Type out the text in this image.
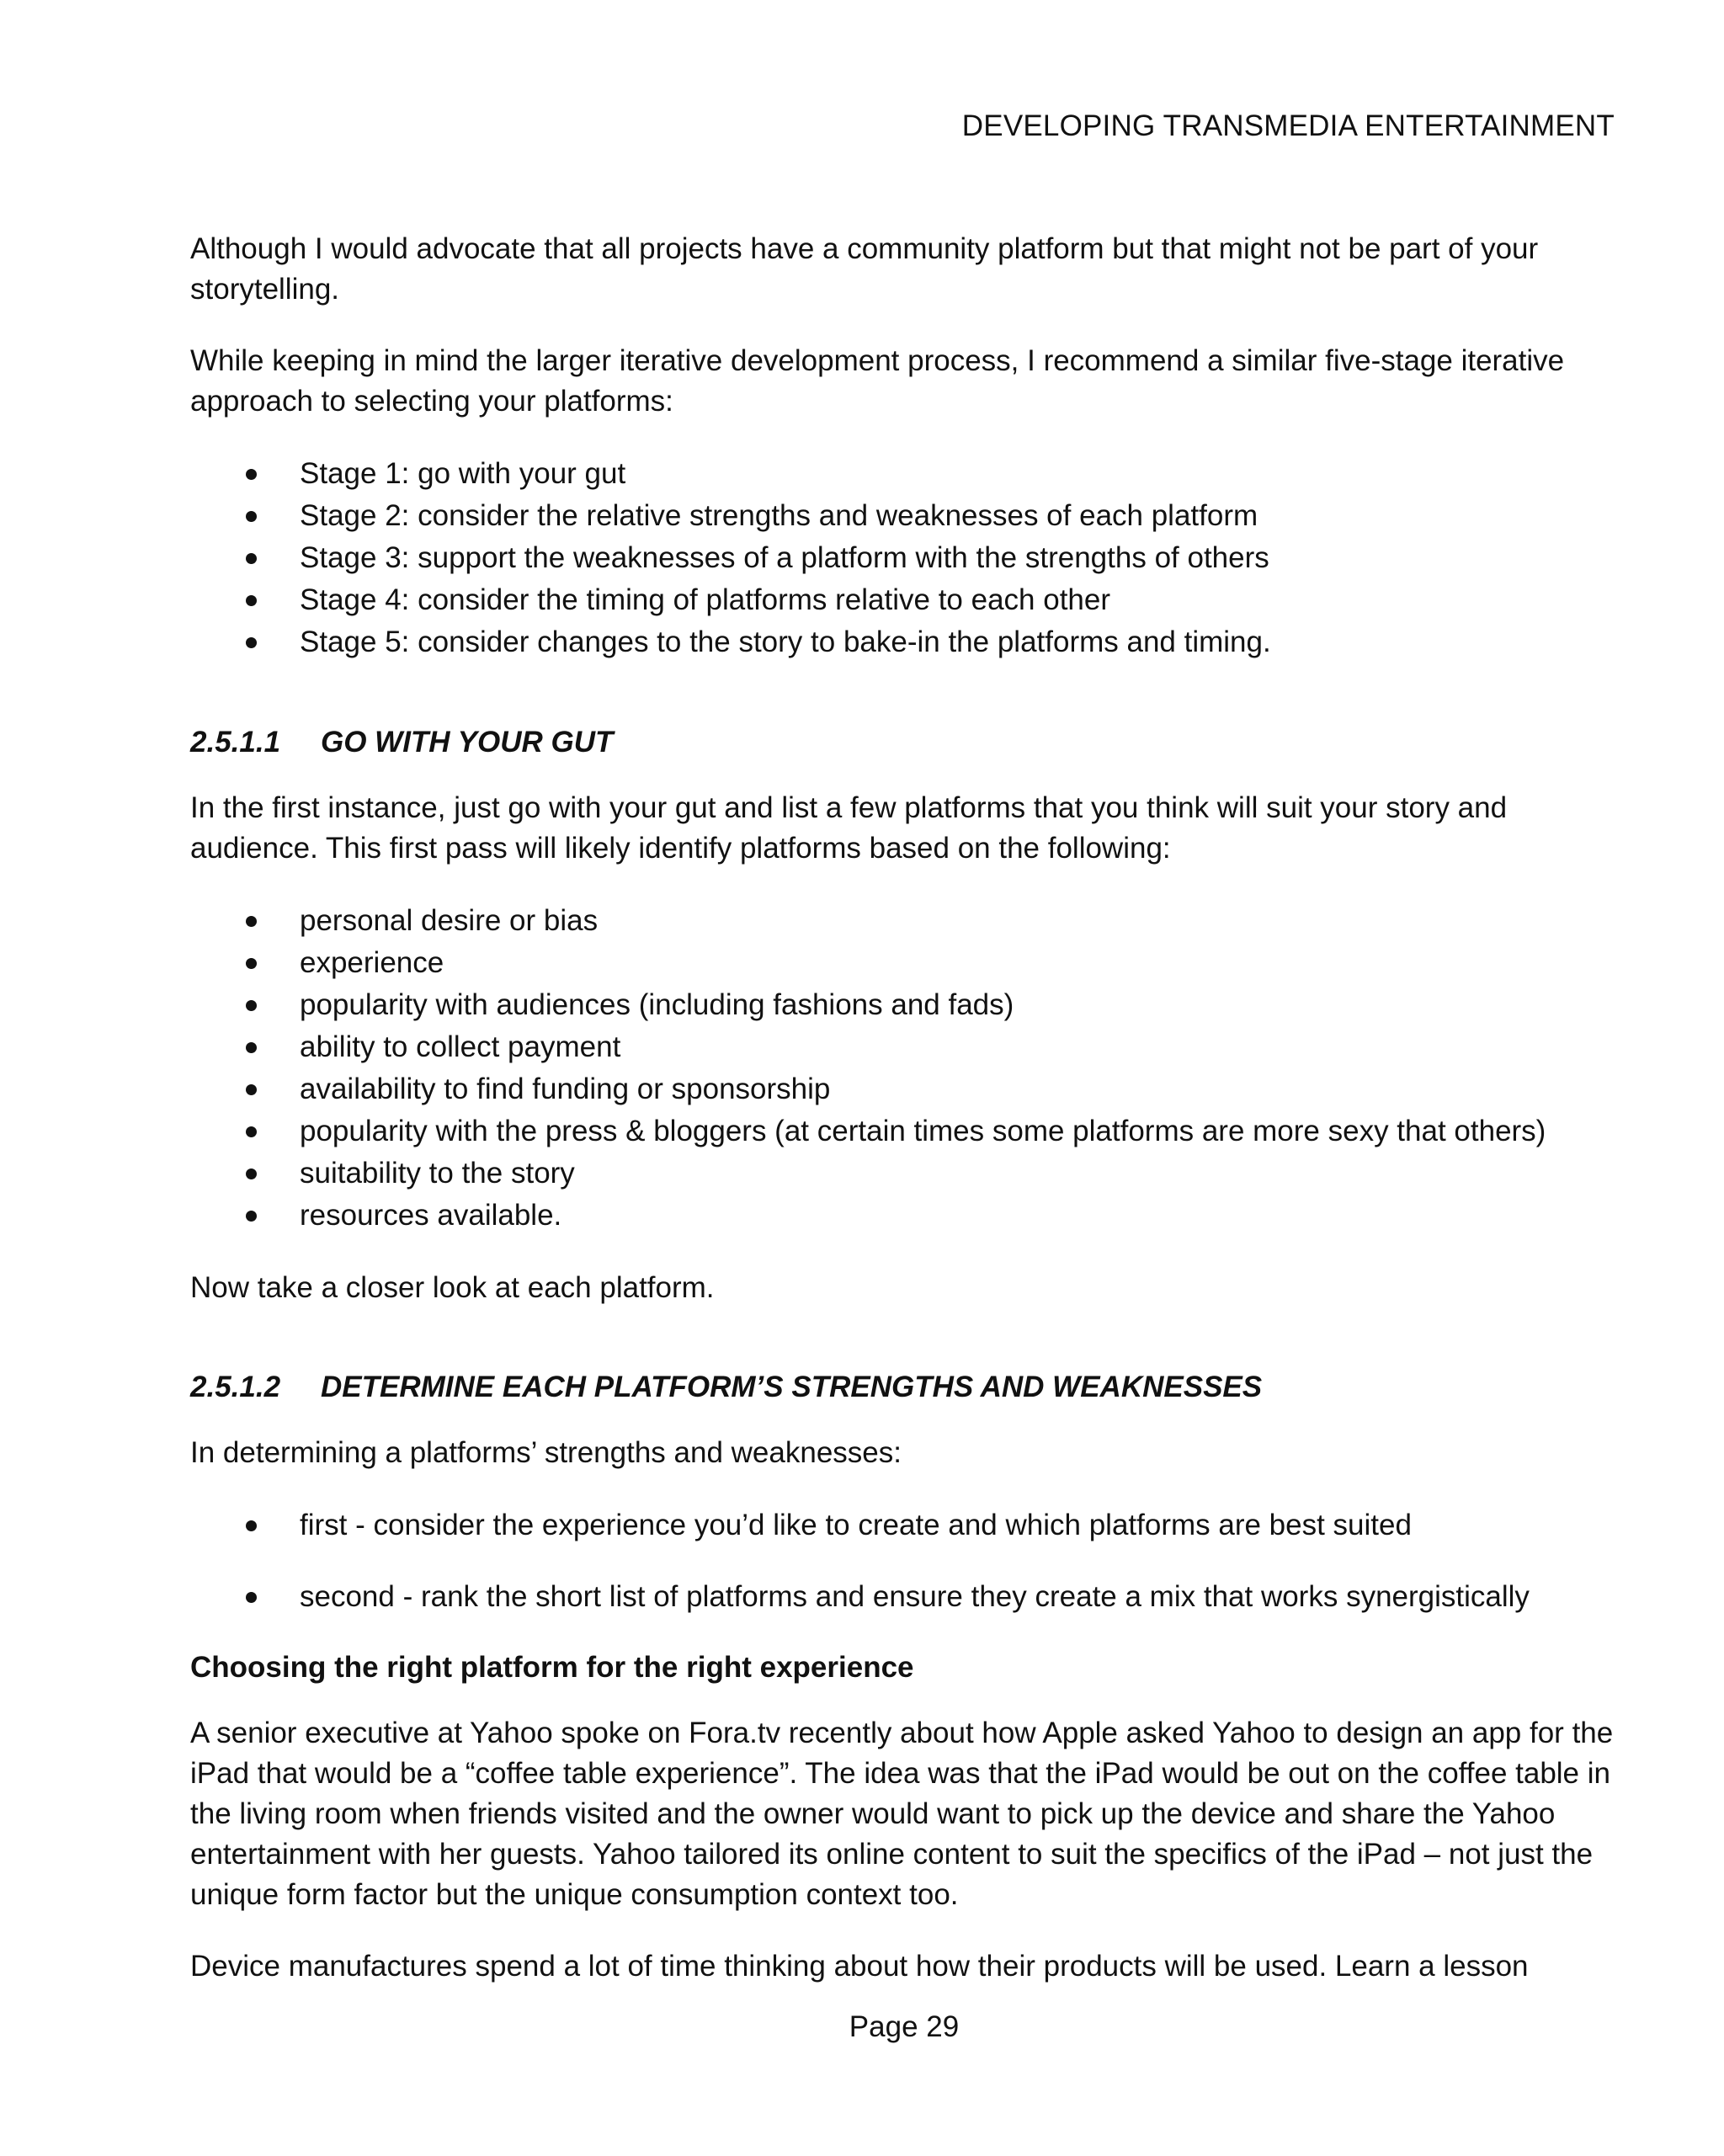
DEVELOPING TRANSMEDIA ENTERTAINMENT

Although I would advocate that all projects have a community platform but that might not be part of your storytelling.

While keeping in mind the larger iterative development process, I recommend a similar five-stage iterative approach to selecting your platforms:

Stage 1: go with your gut
Stage 2: consider the relative strengths and weaknesses of each platform
Stage 3: support the weaknesses of a platform with the strengths of others
Stage 4: consider the timing of platforms relative to each other
Stage 5: consider changes to the story to bake-in the platforms and timing.
2.5.1.1 GO WITH YOUR GUT

In the first instance, just go with your gut and list a few platforms that you think will suit your story and audience. This first pass will likely identify platforms based on the following:

personal desire or bias
experience
popularity with audiences (including fashions and fads)
ability to collect payment
availability to find funding or sponsorship
popularity with the press & bloggers (at certain times some platforms are more sexy that others)
suitability to the story
resources available.

Now take a closer look at each platform.

2.5.1.2 DETERMINE EACH PLATFORM’S STRENGTHS AND WEAKNESSES

In determining a platforms’ strengths and weaknesses:

first - consider the experience you’d like to create and which platforms are best suited
second - rank the short list of platforms and ensure they create a mix that works synergistically
Choosing the right platform for the right experience

A senior executive at Yahoo spoke on Fora.tv recently about how Apple asked Yahoo to design an app for the iPad that would be a “coffee table experience”. The idea was that the iPad would be out on the coffee table in the living room when friends visited and the owner would want to pick up the device and share the Yahoo entertainment with her guests. Yahoo tailored its online content to suit the specifics of the iPad – not just the unique form factor but the unique consumption context too.

Device manufactures spend a lot of time thinking about how their products will be used. Learn a lesson

Page 29
